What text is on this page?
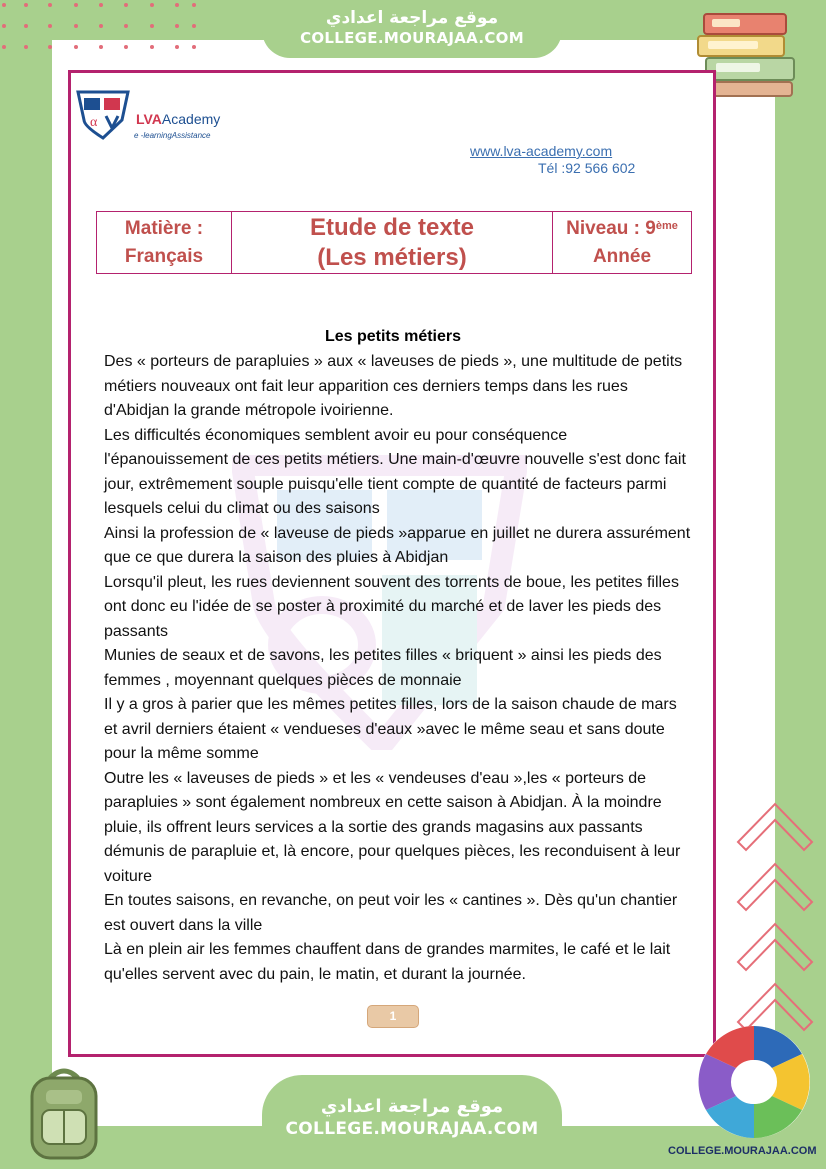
موقع مراجعة اعدادي
COLLEGE.MOURAJAA.COM
α	LVAAcademy
e -learningAssistance
www.lva-academy.com
Tél :92 566 602
Matière :
Français
Etude de texte
(Les métiers)
Niveau : 9ème
Année
Les petits métiers

Des « porteurs de parapluies » aux « laveuses de pieds », une multitude de petits métiers nouveaux ont fait leur apparition ces derniers temps dans les rues d'Abidjan la grande métropole ivoirienne.

Les difficultés économiques semblent avoir eu pour conséquence l'épanouissement de ces petits métiers. Une main-d'œuvre nouvelle s'est donc fait jour, extrêmement souple puisqu'elle tient compte de quantité de facteurs parmi lesquels celui du climat ou des saisons

Ainsi la profession de « laveuse de pieds »apparue en juillet ne durera assurément que ce que durera la saison des pluies à Abidjan

Lorsqu'il pleut, les rues deviennent souvent des torrents de boue, les petites filles ont donc eu l'idée de se poster à proximité du marché et de laver les pieds des passants

Munies de seaux et de savons, les petites filles « briquent » ainsi les pieds des femmes , moyennant quelques pièces de monnaie

Il y a gros à parier que les mêmes petites filles, lors de la saison chaude de mars et avril derniers étaient « vendueses d'eaux »avec le même seau et sans doute pour la même somme

Outre les « laveuses de pieds » et les « vendeuses d'eau »,les « porteurs de parapluies » sont également nombreux en cette saison à Abidjan. À la moindre pluie, ils offrent leurs services a la sortie des grands magasins aux passants démunis de parapluie et, là encore, pour quelques pièces, les reconduisent à leur voiture

En toutes saisons, en revanche, on peut voir les « cantines ». Dès qu'un chantier est ouvert dans la ville

Là en plein air les femmes chauffent dans de grandes marmites, le café et le lait qu'elles servent avec du pain, le matin, et durant la journée.

1
موقع مراجعة اعدادي
COLLEGE.MOURAJAA.COM
COLLEGE.MOURAJAA.COM
